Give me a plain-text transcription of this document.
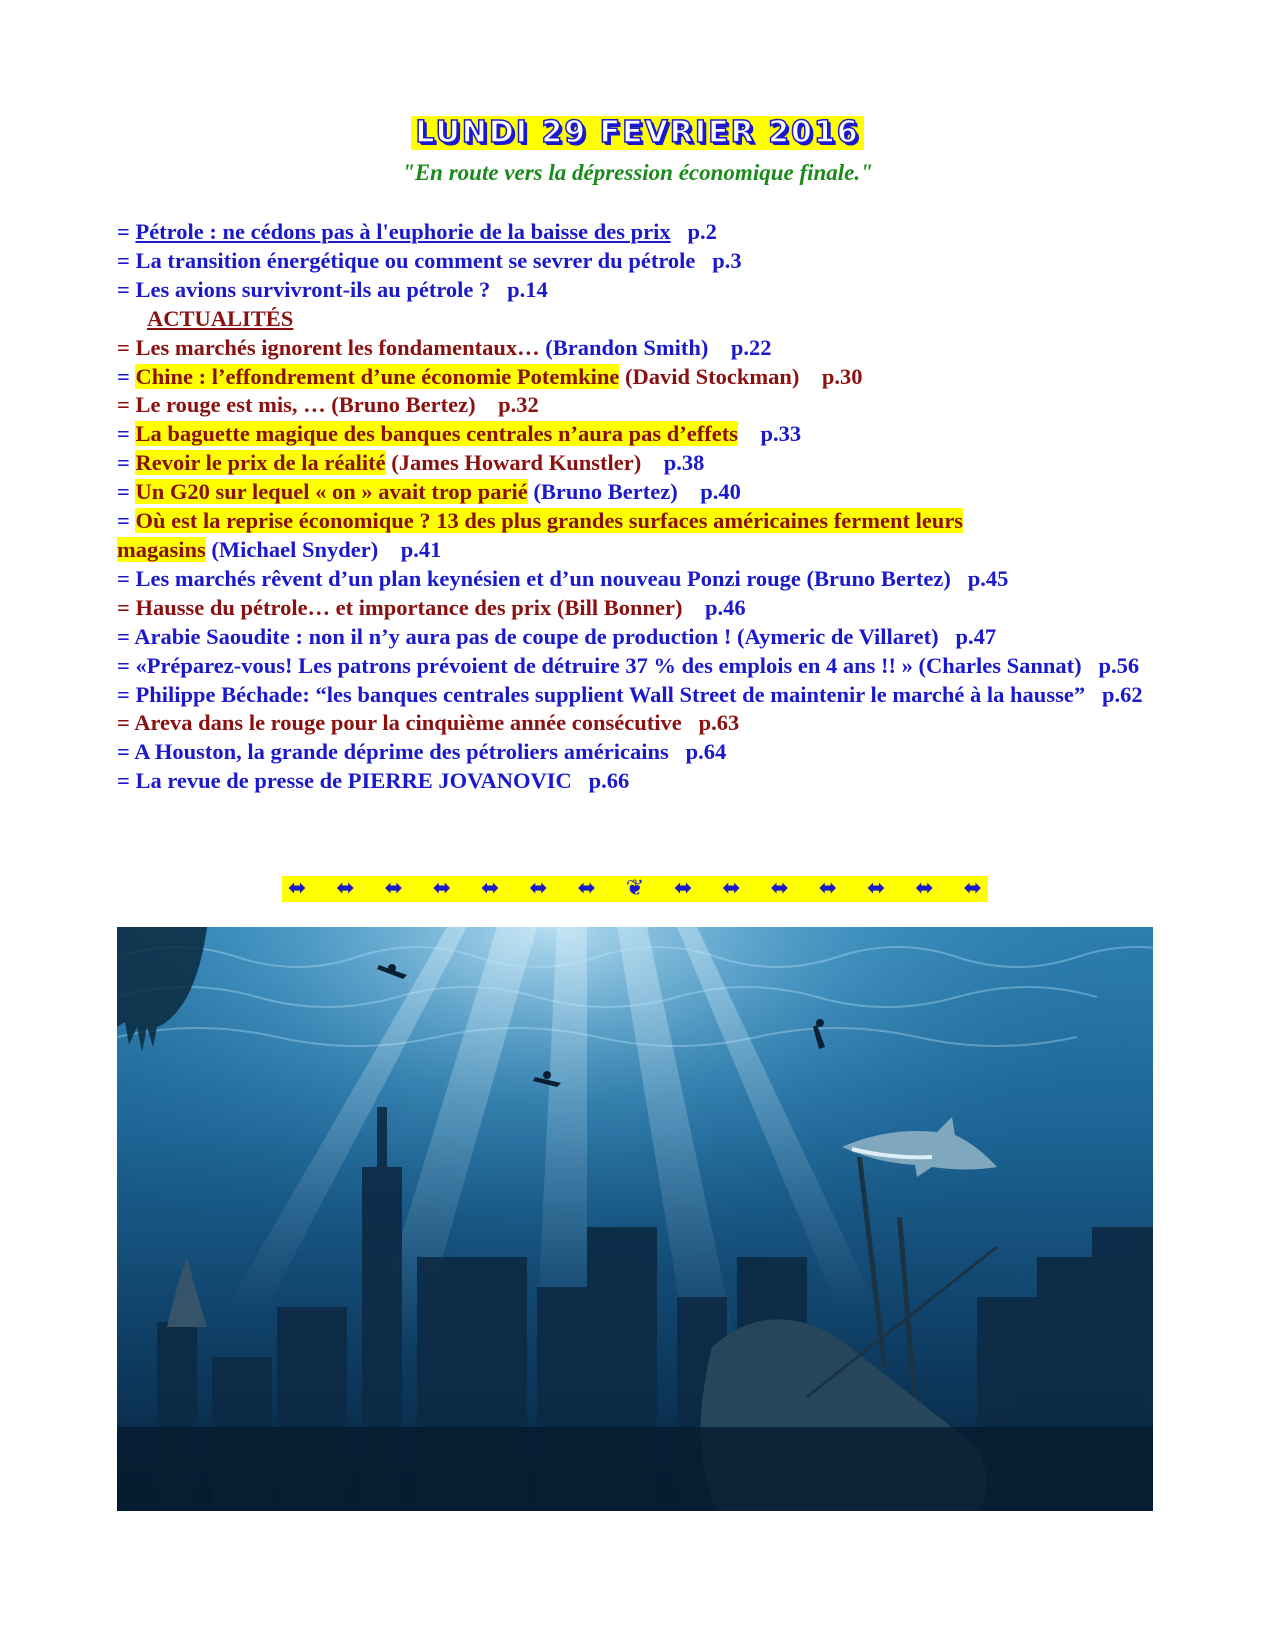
LUNDI 29 FEVRIER 2016
"En route vers la dépression économique finale."
= Pétrole : ne cédons pas à l'euphorie de la baisse des prix p.2
= La transition énergétique ou comment se sevrer du pétrole p.3
= Les avions survivront-ils au pétrole ? p.14
ACTUALITÉS
= Les marchés ignorent les fondamentaux… (Brandon Smith) p.22
= Chine : l’effondrement d’une économie Potemkine (David Stockman) p.30
= Le rouge est mis, … (Bruno Bertez) p.32
= La baguette magique des banques centrales n’aura pas d’effets p.33
= Revoir le prix de la réalité (James Howard Kunstler) p.38
= Un G20 sur lequel « on » avait trop parié (Bruno Bertez) p.40
= Où est la reprise économique ? 13 des plus grandes surfaces américaines ferment leurs
magasins (Michael Snyder) p.41
= Les marchés rêvent d’un plan keynésien et d’un nouveau Ponzi rouge (Bruno Bertez) p.45
= Hausse du pétrole… et importance des prix (Bill Bonner) p.46
= Arabie Saoudite : non il n’y aura pas de coupe de production ! (Aymeric de Villaret) p.47
= «Préparez-vous! Les patrons prévoient de détruire 37 % des emplois en 4 ans !! » (Charles Sannat) p.56
= Philippe Béchade: “les banques centrales supplient Wall Street de maintenir le marché à la hausse” p.62
= Areva dans le rouge pour la cinquième année consécutive p.63
= A Houston, la grande déprime des pétroliers américains p.64
= La revue de presse de PIERRE JOVANOVIC p.66
⬌ ⬌ ⬌ ⬌ ⬌ ⬌ ⬌ ❦ ⬌ ⬌ ⬌ ⬌ ⬌ ⬌ ⬌
